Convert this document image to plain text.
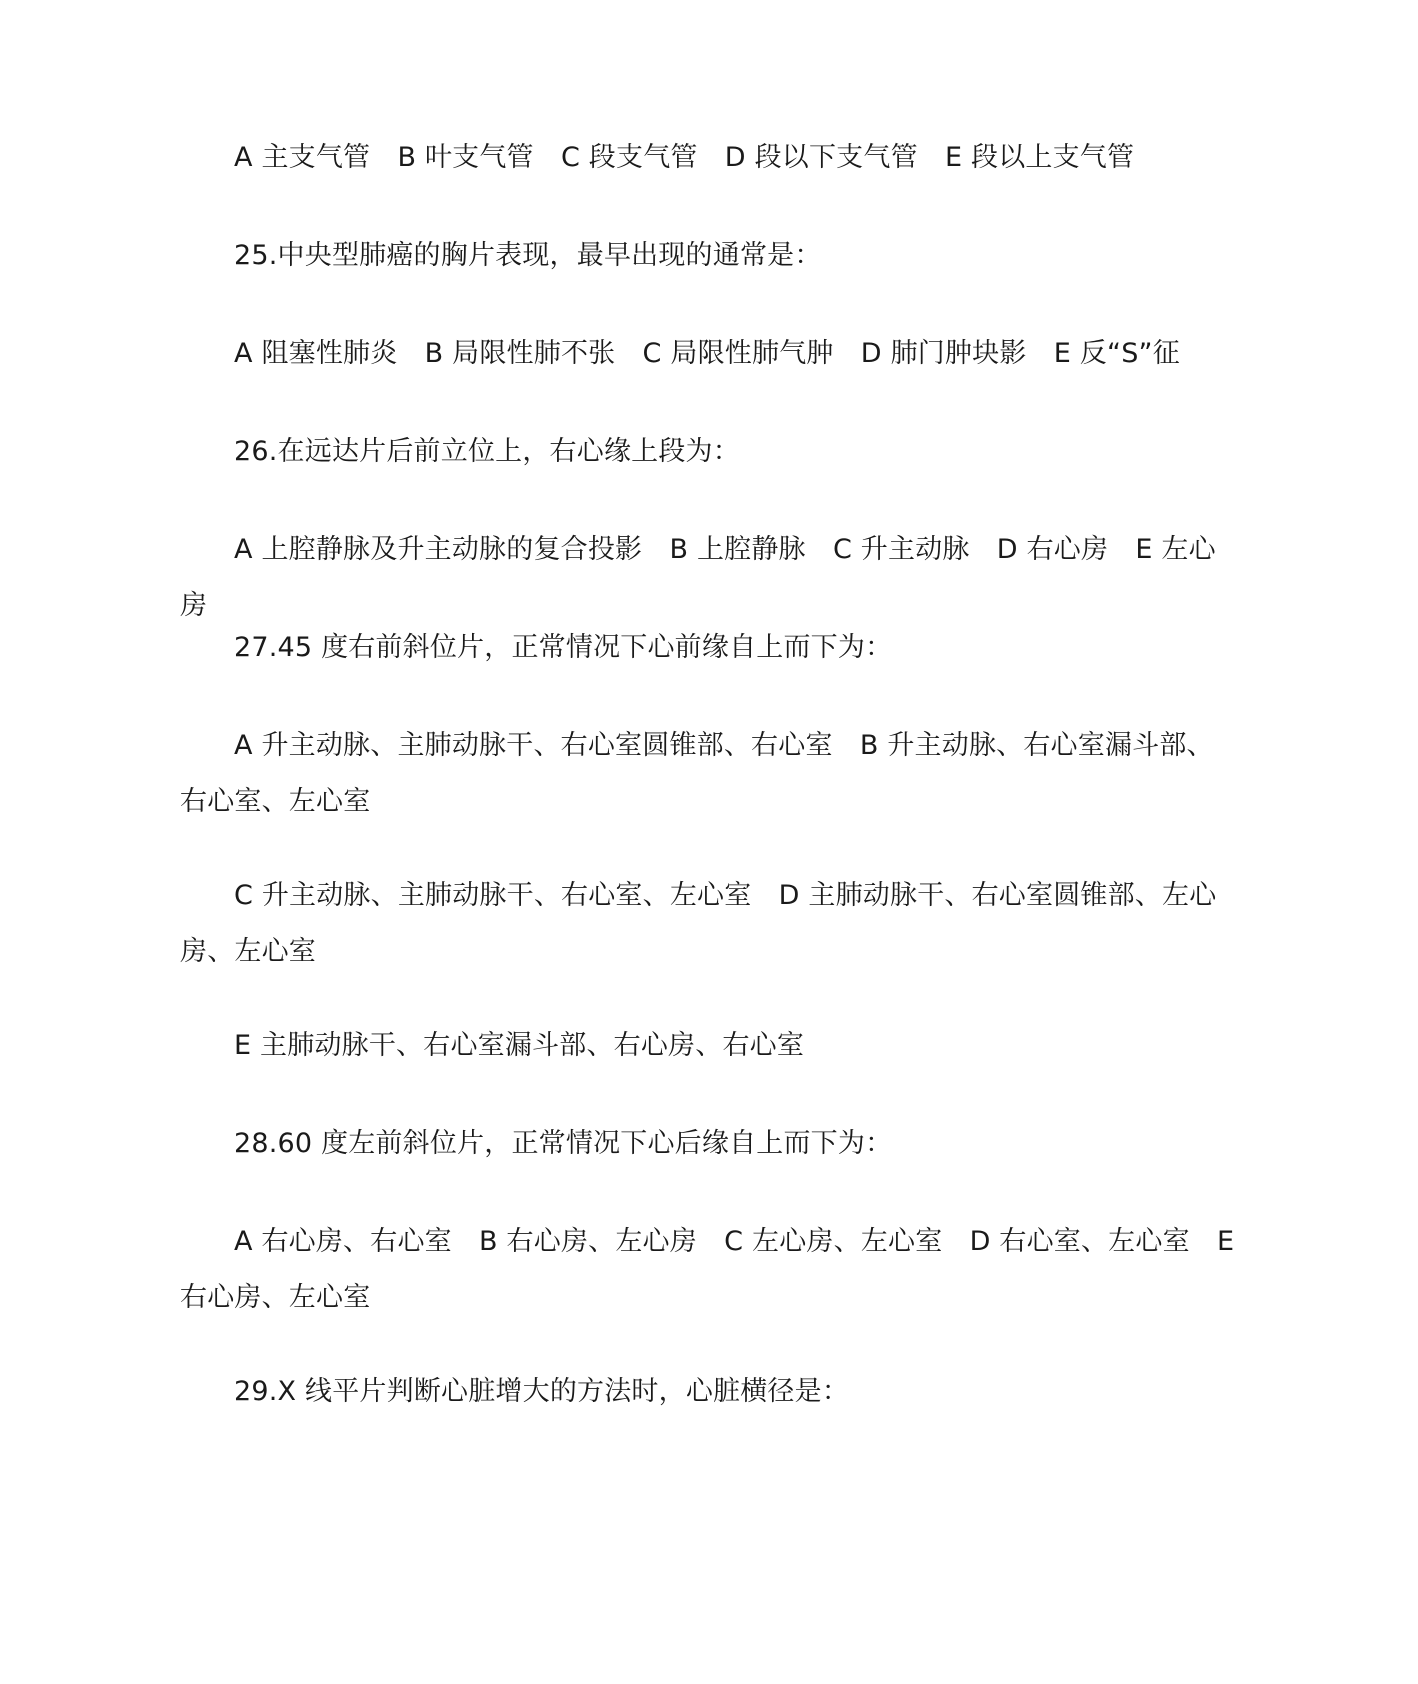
A 主支气管　B 叶支气管　C 段支气管　D 段以下支气管　E 段以上支气管
25.中央型肺癌的胸片表现，最早出现的通常是：
A 阻塞性肺炎　B 局限性肺不张　C 局限性肺气肿　D 肺门肿块影　E 反“S”征
26.在远达片后前立位上，右心缘上段为：
A 上腔静脉及升主动脉的复合投影　B 上腔静脉　C 升主动脉　D 右心房　E 左心房
27.45 度右前斜位片，正常情况下心前缘自上而下为：
A 升主动脉、主肺动脉干、右心室圆锥部、右心室　B 升主动脉、右心室漏斗部、右心室、左心室
C 升主动脉、主肺动脉干、右心室、左心室　D 主肺动脉干、右心室圆锥部、左心房、左心室
E 主肺动脉干、右心室漏斗部、右心房、右心室
28.60 度左前斜位片，正常情况下心后缘自上而下为：
A 右心房、右心室　B 右心房、左心房　C 左心房、左心室　D 右心室、左心室　E 右心房、左心室
29.X 线平片判断心脏增大的方法时，心脏横径是：
